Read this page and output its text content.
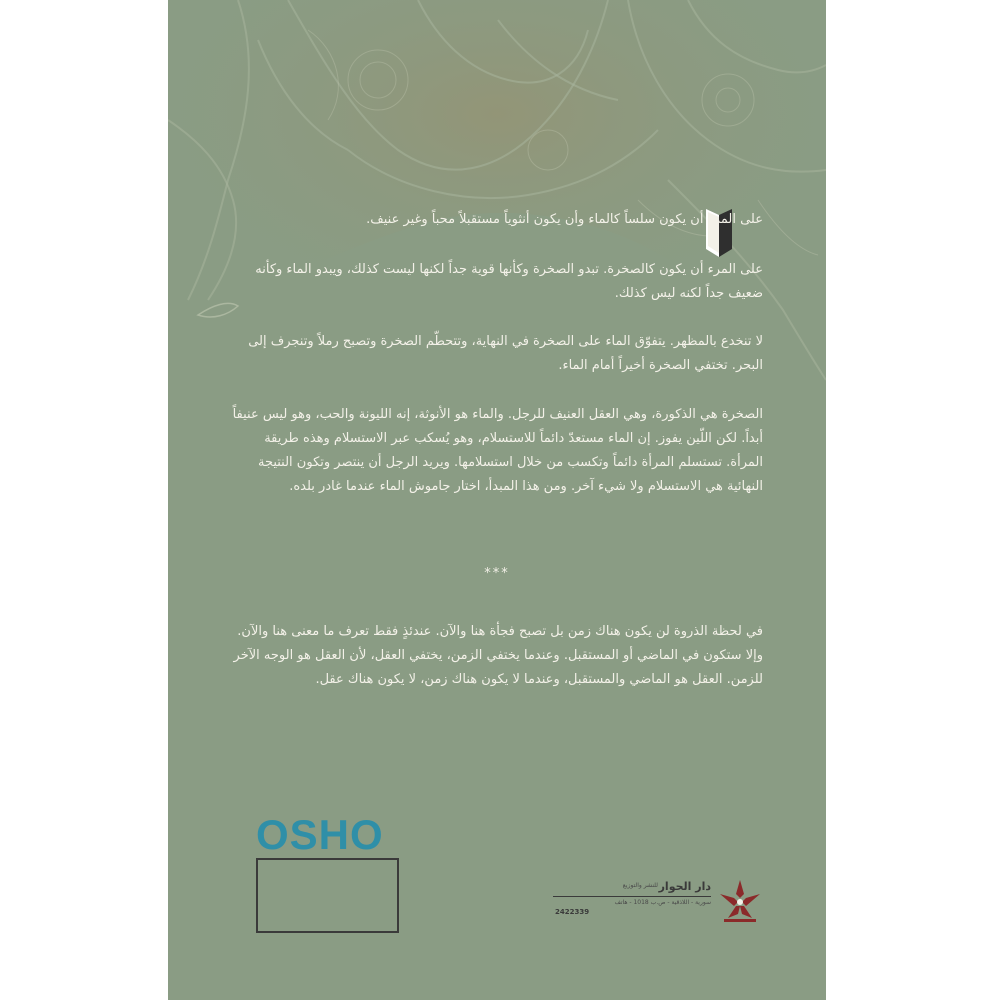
على المرء أن يكون سلساً كالماء وأن يكون أنثوياً مستقبلاً محباً وغير عنيف.

على المرء أن يكون كالصخرة. تبدو الصخرة وكأنها قوية جداً لكنها ليست كذلك، ويبدو الماء وكأنه ضعيف جداً لكنه ليس كذلك.

لا تنخدع بالمظهر. يتفوّق الماء على الصخرة في النهاية، وتتحطّم الصخرة وتصبح رملاً وتنجرف إلى البحر. تختفي الصخرة أخيراً أمام الماء.

الصخرة هي الذكورة، وهي العقل العنيف للرجل. والماء هو الأنوثة، إنه الليونة والحب، وهو ليس عنيفاً أبداً. لكن اللّين يفوز. إن الماء مستعدّ دائماً للاستسلام، وهو يُسكب عبر الاستسلام وهذه طريقة المرأة. تستسلم المرأة دائماً وتكسب من خلال استسلامها. ويريد الرجل أن ينتصر وتكون النتيجة النهائية هي الاستسلام ولا شيء آخر. ومن هذا المبدأ، اختار جاموش الماء عندما غادر بلده.

***

في لحظة الذروة لن يكون هناك زمن بل تصبح فجأة هنا والآن. عندئذٍ فقط تعرف ما معنى هنا والآن. وإلا ستكون في الماضي أو المستقبل. وعندما يختفي الزمن، يختفي العقل، لأن العقل هو الوجه الآخر للزمن. العقل هو الماضي والمستقبل، وعندما لا يكون هناك زمن، لا يكون هناك عقل.

OSHO
دار الحوار
للنشر والتوزيع
سورية - اللاذقية - ص.ب 1018 - هاتف
2422339
